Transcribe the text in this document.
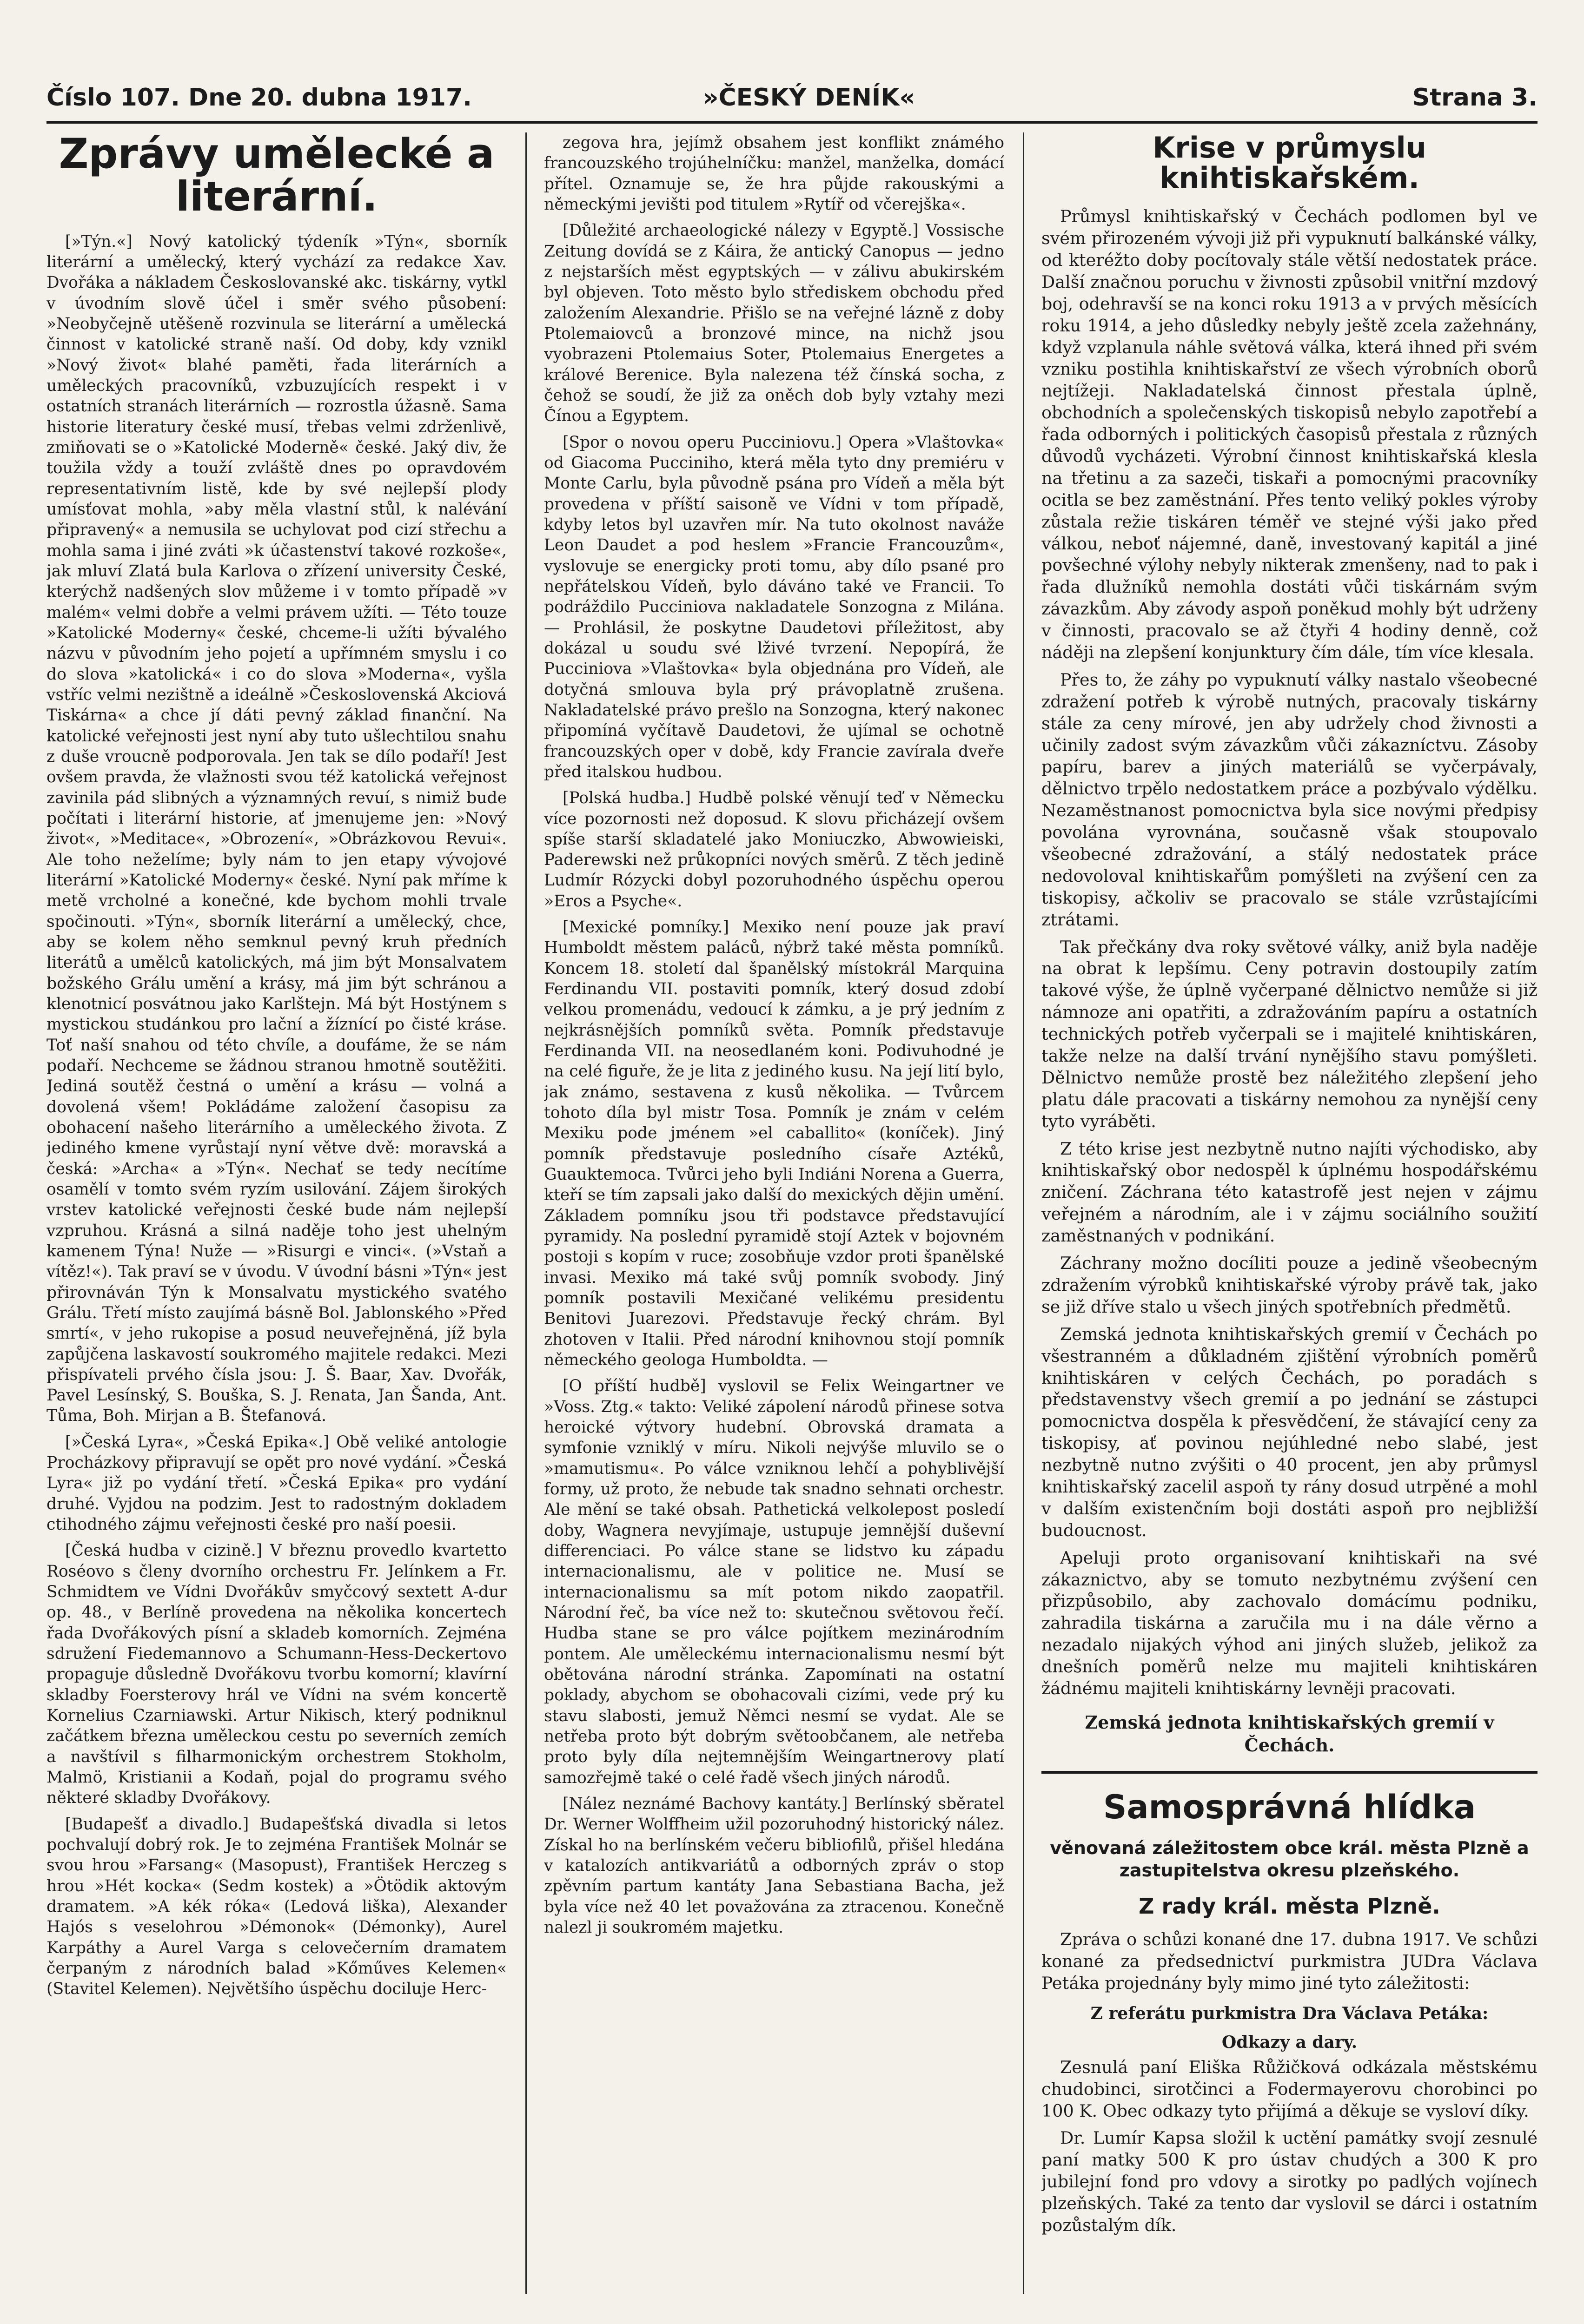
Číslo 107. Dne 20. dubna 1917.	»ČESKÝ DENÍK«	Strana 3.
Zprávy umělecké a literární.

[»Týn.«] Nový katolický týdeník »Týn«, sborník literární a umělecký, který vychází za redakce Xav. Dvořáka a nákladem Českoslovanské akc. tiskárny, vytkl v úvodním slově účel i směr svého působení: »Neobyčejně utěšeně rozvinula se literární a umělecká činnost v katolické straně naší. Od doby, kdy vznikl »Nový život« blahé paměti, řada literárních a uměleckých pracovníků, vzbuzujících respekt i v ostatních stranách literárních — rozrostla úžasně. Sama historie literatury české musí, třebas velmi zdrženlivě, zmiňovati se o »Katolické Moderně« české. Jaký div, že toužila vždy a touží zvláště dnes po opravdovém representativním listě, kde by své nejlepší plody umísťovat mohla, »aby měla vlastní stůl, k nalévání připravený« a nemusila se uchylovat pod cizí střechu a mohla sama i jiné zváti »k účastenství takové rozkoše«, jak mluví Zlatá bula Karlova o zřízení university České, kterýchž nadšených slov můžeme i v tomto případě »v malém« velmi dobře a velmi právem užíti. — Této touze »Katolické Moderny« české, chceme-li užíti bývalého názvu v původním jeho pojetí a upřímném smyslu i co do slova »katolická« i co do slova »Moderna«, vyšla vstříc velmi nezištně a ideálně »Československá Akciová Tiskárna« a chce jí dáti pevný základ finanční. Na katolické veřejnosti jest nyní aby tuto ušlechtilou snahu z duše vroucně podporovala. Jen tak se dílo podaří! Jest ovšem pravda, že vlažnosti svou též katolická veřejnost zavinila pád slibných a významných revuí, s nimiž bude počítati i literární historie, ať jmenujeme jen: »Nový život«, »Meditace«, »Obrození«, »Obrázkovou Revui«. Ale toho neželíme; byly nám to jen etapy vývojové literární »Katolické Moderny« české. Nyní pak mříme k metě vrcholné a konečné, kde bychom mohli trvale spočinouti. »Týn«, sborník literární a umělecký, chce, aby se kolem něho semknul pevný kruh předních literátů a umělců katolických, má jim být Monsalvatem božského Grálu umění a krásy, má jim být schránou a klenotnicí posvátnou jako Karlštejn. Má být Hostýnem s mystickou studánkou pro lační a žíznící po čisté kráse. Toť naší snahou od této chvíle, a doufáme, že se nám podaří. Nechceme se žádnou stranou hmotně soutěžiti. Jediná soutěž čestná o umění a krásu — volná a dovolená všem! Pokládáme založení časopisu za obohacení našeho literárního a uměleckého života. Z jediného kmene vyrůstají nyní větve dvě: moravská a česká: »Archa« a »Týn«. Nechať se tedy necítíme osamělí v tomto svém ryzím usilování. Zájem širokých vrstev katolické veřejnosti české bude nám nejlepší vzpruhou. Krásná a silná naděje toho jest uhelným kamenem Týna! Nuže — »Risurgi e vinci«. (»Vstaň a vítěz!«). Tak praví se v úvodu. V úvodní básni »Týn« jest přirovnáván Týn k Monsalvatu mystického svatého Grálu. Třetí místo zaujímá básně Bol. Jablonského »Před smrtí«, v jeho rukopise a posud neuveřejněná, jíž byla zapůjčena laskavostí soukromého majitele redakci. Mezi přispívateli prvého čísla jsou: J. Š. Baar, Xav. Dvořák, Pavel Lesínský, S. Bouška, S. J. Renata, Jan Šanda, Ant. Tůma, Boh. Mirjan a B. Štefanová.

[»Česká Lyra«, »Česká Epika«.] Obě veliké antologie Procházkovy připravují se opět pro nové vydání. »Česká Lyra« již po vydání třetí. »Česká Epika« pro vydání druhé. Vyjdou na podzim. Jest to radostným dokladem ctihodného zájmu veřejnosti české pro naší poesii.

[Česká hudba v cizině.] V březnu provedlo kvartetto Roséovo s členy dvorního orchestru Fr. Jelínkem a Fr. Schmidtem ve Vídni Dvořákův smyčcový sextett A-dur op. 48., v Berlíně provedena na několika koncertech řada Dvořákových písní a skladeb komorních. Zejména sdružení Fiedemannovo a Schumann-Hess-Deckertovo propaguje důsledně Dvořákovu tvorbu komorní; klavírní skladby Foersterovy hrál ve Vídni na svém koncertě Kornelius Czarniawski. Artur Nikisch, který podniknul začátkem března uměleckou cestu po severních zemích a navštívil s filharmonickým orchestrem Stokholm, Malmö, Kristianii a Kodaň, pojal do programu svého některé skladby Dvořákovy.

[Budapešť a divadlo.] Budapešťská divadla si letos pochvalují dobrý rok. Je to zejména František Molnár se svou hrou »Farsang« (Masopust), František Herczeg s hrou »Hét kocka« (Sedm kostek) a »Ötödik aktovým dramatem. »A kék róka« (Ledová liška), Alexander Hajós s veselohrou »Démonok« (Démonky), Aurel Karpáthy a Aurel Varga s celovečerním dramatem čerpaným z národních balad »Kőműves Kelemen« (Stavitel Kelemen). Největšího úspěchu dociluje Herc-

zegova hra, jejímž obsahem jest konflikt známého francouzského trojúhelníčku: manžel, manželka, domácí přítel. Oznamuje se, že hra půjde rakouskými a německými jevišti pod titulem »Rytíř od včerejška«.

[Důležité archaeologické nálezy v Egyptě.] Vossische Zeitung dovídá se z Káira, že antický Canopus — jedno z nejstarších měst egyptských — v zálivu abukirském byl objeven. Toto město bylo střediskem obchodu před založením Alexandrie. Přišlo se na veřejné lázně z doby Ptolemaiovců a bronzové mince, na nichž jsou vyobrazeni Ptolemaius Soter, Ptolemaius Energetes a králové Berenice. Byla nalezena též čínská socha, z čehož se soudí, že již za oněch dob byly vztahy mezi Čínou a Egyptem.

[Spor o novou operu Pucciniovu.] Opera »Vlaštovka« od Giacoma Pucciniho, která měla tyto dny premiéru v Monte Carlu, byla původně psána pro Vídeň a měla být provedena v příští saisoně ve Vídni v tom případě, kdyby letos byl uzavřen mír. Na tuto okolnost naváže Leon Daudet a pod heslem »Francie Francouzům«, vyslovuje se energicky proti tomu, aby dílo psané pro nepřátelskou Vídeň, bylo dáváno také ve Francii. To podráždilo Pucciniova nakladatele Sonzogna z Milána. — Prohlásil, že poskytne Daudetovi příležitost, aby dokázal u soudu své lživé tvrzení. Nepopírá, že Pucciniova »Vlaštovka« byla objednána pro Vídeň, ale dotyčná smlouva byla prý právoplatně zrušena. Nakladatelské právo prešlo na Sonzogna, který nakonec připomíná vyčítavě Daudetovi, že ujímal se ochotně francouzských oper v době, kdy Francie zavírala dveře před italskou hudbou.

[Polská hudba.] Hudbě polské věnují teď v Německu více pozornosti než doposud. K slovu přicházejí ovšem spíše starší skladatelé jako Moniuczko, Abwowieiski, Paderewski než průkopníci nových směrů. Z těch jedině Ludmír Rózycki dobyl pozoruhodného úspěchu operou »Eros a Psyche«.

[Mexické pomníky.] Mexiko není pouze jak praví Humboldt městem paláců, nýbrž také města pomníků. Koncem 18. století dal španělský místokrál Marquina Ferdinandu VII. postaviti pomník, který dosud zdobí velkou promenádu, vedoucí k zámku, a je prý jedním z nejkrásnějších pomníků světa. Pomník představuje Ferdinanda VII. na neosedlaném koni. Podivuhodné je na celé figuře, že je lita z jediného kusu. Na její lití bylo, jak známo, sestavena z kusů několika. — Tvůrcem tohoto díla byl mistr Tosa. Pomník je znám v celém Mexiku pode jménem »el caballito« (koníček). Jiný pomník představuje posledního císaře Aztéků, Guauktemoca. Tvůrci jeho byli Indiáni Norena a Guerra, kteří se tím zapsali jako další do mexických dějin umění. Základem pomníku jsou tři podstavce představující pyramidy. Na poslední pyramidě stojí Aztek v bojovném postoji s kopím v ruce; zosobňuje vzdor proti španělské invasi. Mexiko má také svůj pomník svobody. Jiný pomník postavili Mexičané velikému presidentu Benitovi Juarezovi. Představuje řecký chrám. Byl zhotoven v Italii. Před národní knihovnou stojí pomník německého geologa Humboldta. —

[O příští hudbě] vyslovil se Felix Weingartner ve »Voss. Ztg.« takto: Veliké zápolení národů přinese sotva heroické výtvory hudební. Obrovská dramata a symfonie vzniklý v míru. Nikoli nejvýše mluvilo se o »mamutismu«. Po válce vzniknou lehčí a pohyblivější formy, už proto, že nebude tak snadno sehnati orchestr. Ale mění se také obsah. Pathetická velkolepost posledí doby, Wagnera nevyjímaje, ustupuje jemnější duševní differenciaci. Po válce stane se lidstvo ku západu internacionalismu, ale v politice ne. Musí se internacionalismu sa mít potom nikdo zaopatřil. Národní řeč, ba více než to: skutečnou světovou řečí. Hudba stane se pro válce pojítkem mezinárodním pontem. Ale uměleckému internacionalismu nesmí být obětována národní stránka. Zapomínati na ostatní poklady, abychom se obohacovali cizími, vede prý ku stavu slabosti, jemuž Němci nesmí se vydat. Ale se netřeba proto být dobrým světoobčanem, ale netřeba proto byly díla nejtemnějším Weingartnerovy platí samozřejmě také o celé řadě všech jiných národů.

[Nález neznámé Bachovy kantáty.] Berlínský sběratel Dr. Werner Wolffheim užil pozoruhodný historický nález. Získal ho na berlínském večeru bibliofilů, přišel hledána v katalozích antikvariátů a odborných zpráv o stop zpěvním partum kantáty Jana Sebastiana Bacha, jež byla více než 40 let považována za ztracenou. Konečně nalezl ji soukromém majetku.

Krise v průmyslu knihtiskařském.

Průmysl knihtiskařský v Čechách podlomen byl ve svém přirozeném vývoji již při vypuknutí balkánské války, od kteréžto doby pocítovaly stále větší nedostatek práce. Další značnou poruchu v živnosti způsobil vnitřní mzdový boj, odehravší se na konci roku 1913 a v prvých měsících roku 1914, a jeho důsledky nebyly ještě zcela zažehnány, když vzplanula náhle světová válka, která ihned při svém vzniku postihla knihtiskařství ze všech výrobních oborů nejtížeji. Nakladatelská činnost přestala úplně, obchodních a společenských tiskopisů nebylo zapotřebí a řada odborných i politických časopisů přestala z různých důvodů vycházeti. Výrobní činnost knihtiskařská klesla na třetinu a za sazeči, tiskaři a pomocnými pracovníky ocitla se bez zaměstnání. Přes tento veliký pokles výroby zůstala režie tiskáren téměř ve stejné výši jako před válkou, neboť nájemné, daně, investovaný kapitál a jiné povšechné výlohy nebyly nikterak zmenšeny, nad to pak i řada dlužníků nemohla dostáti vůči tiskárnám svým závazkům. Aby závody aspoň poněkud mohly být udrženy v činnosti, pracovalo se až čtyři 4 hodiny denně, což náději na zlepšení konjunktury čím dále, tím více klesala.

Přes to, že záhy po vypuknutí války nastalo všeobecné zdražení potřeb k výrobě nutných, pracovaly tiskárny stále za ceny mírové, jen aby udržely chod živnosti a učinily zadost svým závazkům vůči zákazníctvu. Zásoby papíru, barev a jiných materiálů se vyčerpávaly, dělnictvo trpělo nedostatkem práce a pozbývalo výdělku. Nezaměstnanost pomocnictva byla sice novými předpisy povolána vyrovnána, současně však stoupovalo všeobecné zdražování, a stálý nedostatek práce nedovoloval knihtiskařům pomýšleti na zvýšení cen za tiskopisy, ačkoliv se pracovalo se stále vzrůstajícími ztrátami.

Tak přečkány dva roky světové války, aniž byla naděje na obrat k lepšímu. Ceny potravin dostoupily zatím takové výše, že úplně vyčerpané dělnictvo nemůže si již námnoze ani opatřiti, a zdražováním papíru a ostatních technických potřeb vyčerpali se i majitelé knihtiskáren, takže nelze na další trvání nynějšího stavu pomýšleti. Dělnictvo nemůže prostě bez náležitého zlepšení jeho platu dále pracovati a tiskárny nemohou za nynější ceny tyto vyráběti.

Z této krise jest nezbytně nutno najíti východisko, aby knihtiskařský obor nedospěl k úplnému hospodářskému zničení. Záchrana této katastrofě jest nejen v zájmu veřejném a národním, ale i v zájmu sociálního soužití zaměstnaných v podnikání.

Záchrany možno docíliti pouze a jedině všeobecným zdražením výrobků knihtiskařské výroby právě tak, jako se již dříve stalo u všech jiných spotřebních předmětů.

Zemská jednota knihtiskařských gremií v Čechách po všestranném a důkladném zjištění výrobních poměrů knihtiskáren v celých Čechách, po poradách s představenstvy všech gremií a po jednání se zástupci pomocnictva dospěla k přesvědčení, že stávající ceny za tiskopisy, ať povinou nejúhledné nebo slabé, jest nezbytně nutno zvýšiti o 40 procent, jen aby průmysl knihtiskařský zacelil aspoň ty rány dosud utrpěné a mohl v dalším existenčním boji dostáti aspoň pro nejbližší budoucnost.

Apeluji proto organisovaní knihtiskaři na své zákaznictvo, aby se tomuto nezbytnému zvýšení cen přizpůsobilo, aby zachovalo domácímu podniku, zahradila tiskárna a zaručila mu i na dále věrno a nezadalo nijakých výhod ani jiných služeb, jelikož za dnešních poměrů nelze mu majiteli knihtiskáren žádnému majiteli knihtiskárny levněji pracovati.

Zemská jednota knihtiskařských gremií v Čechách.
Samosprávná hlídka
věnovaná záležitostem obce král. města Plzně a zastupitelstva okresu plzeňského.
Z rady král. města Plzně.

Zpráva o schůzi konané dne 17. dubna 1917. Ve schůzi konané za předsednictví purkmistra JUDra Václava Petáka projednány byly mimo jiné tyto záležitosti:

Z referátu purkmistra Dra Václava Petáka:
Odkazy a dary.

Zesnulá paní Eliška Růžičková odkázala městskému chudobinci, sirotčinci a Fodermayerovu chorobinci po 100 K. Obec odkazy tyto přijímá a děkuje se vysloví díky.

Dr. Lumír Kapsa složil k uctění památky svojí zesnulé paní matky 500 K pro ústav chudých a 300 K pro jubilejní fond pro vdovy a sirotky po padlých vojínech plzeňských. Také za tento dar vyslovil se dárci i ostatním pozůstalým dík.
